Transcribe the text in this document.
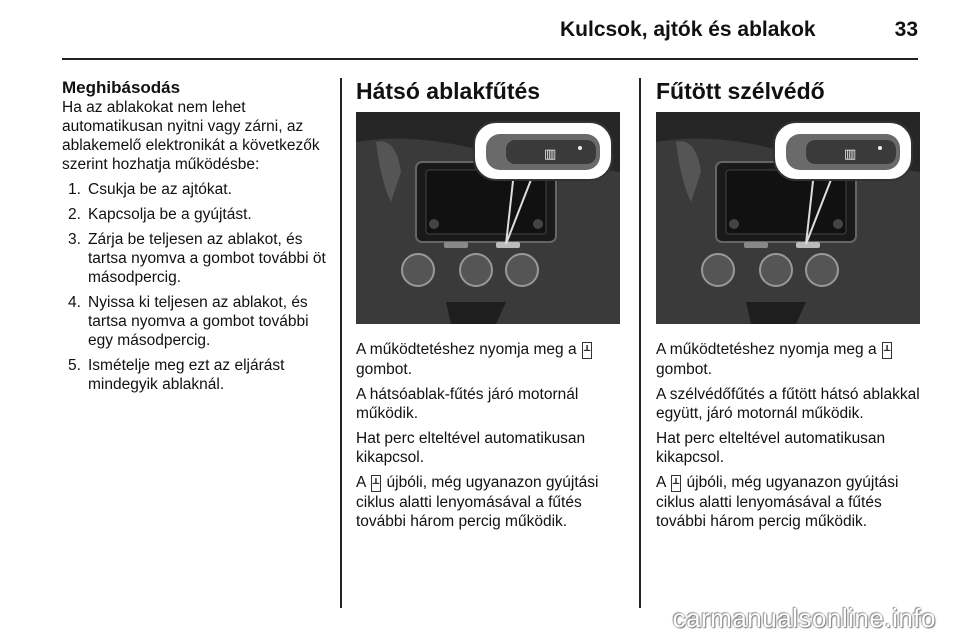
Kulcsok, ajtók és ablakok	33
Meghibásodás
Ha az ablakokat nem lehet automatikusan nyitni vagy zárni, az ablakemelő elektronikát a következők szerint hozhatja működésbe:
1. Csukja be az ajtókat.
2. Kapcsolja be a gyújtást.
3. Zárja be teljesen az ablakot, és tartsa nyomva a gombot további öt másodpercig.
4. Nyissa ki teljesen az ablakot, és tartsa nyomva a gombot további egy másodpercig.
5. Ismételje meg ezt az eljárást mindegyik ablaknál.
Hátsó ablakfűtés
▥

A működtetéshez nyomja meg a ᚆ
gombot.

A hátsóablak-fűtés járó motornál működik.

Hat perc elteltével automatikusan kikapcsol.

A ᚆ újbóli, még ugyanazon gyújtási ciklus alatti lenyomásával a fűtés további három percig működik.

Fűtött szélvédő
▥

A működtetéshez nyomja meg a ᚆ
gombot.

A szélvédőfűtés a fűtött hátsó ablakkal együtt, járó motornál működik.

Hat perc elteltével automatikusan kikapcsol.

A ᚆ újbóli, még ugyanazon gyújtási ciklus alatti lenyomásával a fűtés további három percig működik.

carmanualsonline.info
